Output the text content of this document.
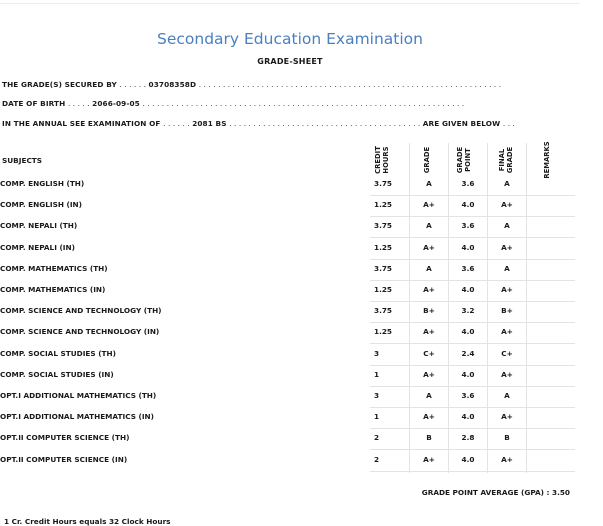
Secondary Education Examination
GRADE-SHEET
THE GRADE(S) SECURED BY . . . . . . 03708358D . . . . . . . . . . . . . . . . . . . . . . . . . . . . . . . . . . . . . . . . . . . . . . . . . . . . . . . . . . . . . . .
DATE OF BIRTH . . . . . 2066-09-05 . . . . . . . . . . . . . . . . . . . . . . . . . . . . . . . . . . . . . . . . . . . . . . . . . . . . . . . . . . . . . . . . . . .
IN THE ANNUAL SEE EXAMINATION OF . . . . . . 2081 BS . . . . . . . . . . . . . . . . . . . . . . . . . . . . . . . . . . . . . . . . ARE GIVEN BELOW . . .
SUBJECTS	CREDIT HOURS	GRADE	GRADE POINT	FINAL GRADE	REMARKS
COMP. ENGLISH (TH)	3.75	A	3.6	A
COMP. ENGLISH (IN)	1.25	A+	4.0	A+
COMP. NEPALI (TH)	3.75	A	3.6	A
COMP. NEPALI (IN)	1.25	A+	4.0	A+
COMP. MATHEMATICS (TH)	3.75	A	3.6	A
COMP. MATHEMATICS (IN)	1.25	A+	4.0	A+
COMP. SCIENCE AND TECHNOLOGY (TH)	3.75	B+	3.2	B+
COMP. SCIENCE AND TECHNOLOGY (IN)	1.25	A+	4.0	A+
COMP. SOCIAL STUDIES (TH)	3	C+	2.4	C+
COMP. SOCIAL STUDIES (IN)	1	A+	4.0	A+
OPT.I ADDITIONAL MATHEMATICS (TH)	3	A	3.6	A
OPT.I ADDITIONAL MATHEMATICS (IN)	1	A+	4.0	A+
OPT.II COMPUTER SCIENCE (TH)	2	B	2.8	B
OPT.II COMPUTER SCIENCE (IN)	2	A+	4.0	A+
GRADE POINT AVERAGE (GPA) : 3.50
1 Cr. Credit Hours equals 32 Clock Hours
